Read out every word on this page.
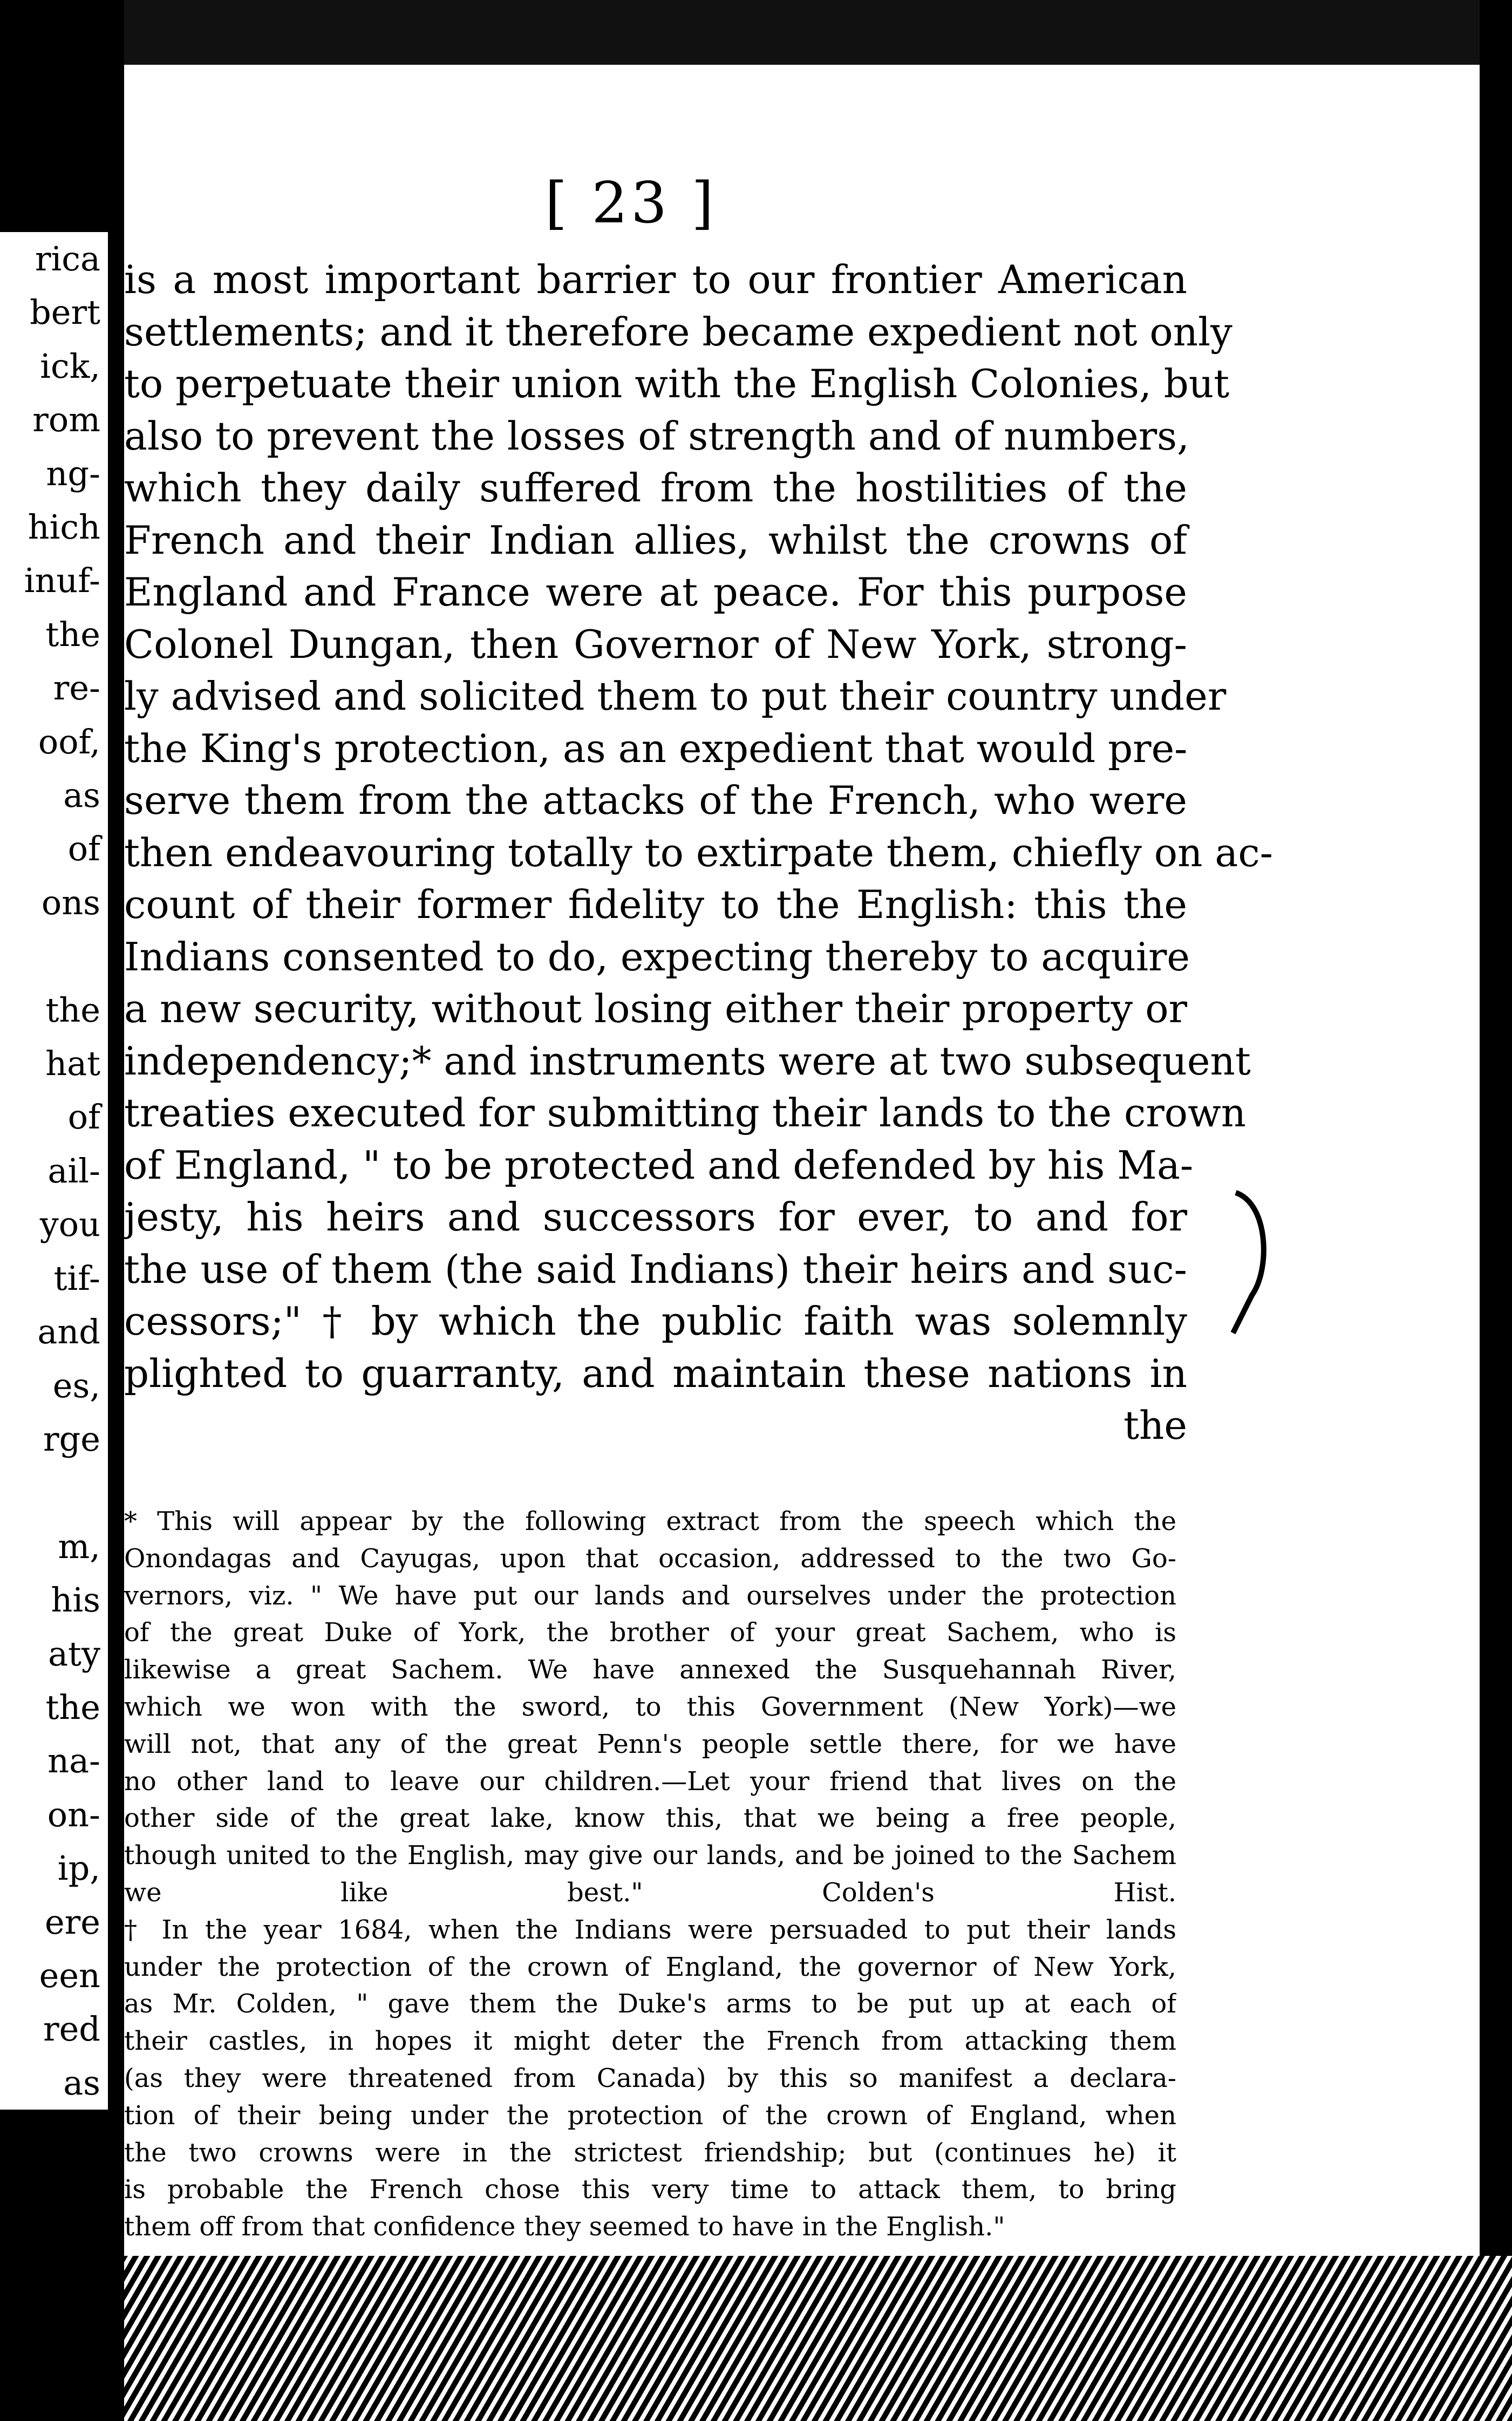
rica
bert
ick,
rom
ng-
hich
inuf-
the
re-
oof,
as
of
ons
the
hat
of
ail-
you
tif-
and
es,
rge
m,
his
aty
the
na-
on-
ip,
ere
een
red
as
[ 23 ]
is a most important barrier to our frontier American
settlements; and it therefore became expedient not only
to perpetuate their union with the English Colonies, but
also to prevent the losses of strength and of numbers,
which they daily suffered from the hostilities of the
French and their Indian allies, whilst the crowns of
England and France were at peace. For this purpose
Colonel Dungan, then Governor of New York, strong-
ly advised and solicited them to put their country under
the King's protection, as an expedient that would pre-
serve them from the attacks of the French, who were
then endeavouring totally to extirpate them, chiefly on ac-
count of their former fidelity to the English: this the
Indians consented to do, expecting thereby to acquire
a new security, without losing either their property or
independency;* and instruments were at two subsequent
treaties executed for submitting their lands to the crown
of England, " to be protected and defended by his Ma-
jesty, his heirs and successors for ever, to and for
the use of them (the said Indians) their heirs and suc-
cessors;" † by which the public faith was solemnly
plighted to guarranty, and maintain these nations in
the
* This will appear by the following extract from the speech which the
Onondagas and Cayugas, upon that occasion, addressed to the two Go-
vernors, viz. " We have put our lands and ourselves under the protection
of the great Duke of York, the brother of your great Sachem, who is
likewise a great Sachem. We have annexed the Susquehannah River,
which we won with the sword, to this Government (New York)—we
will not, that any of the great Penn's people settle there, for we have
no other land to leave our children.—Let your friend that lives on the
other side of the great lake, know this, that we being a free people,
though united to the English, may give our lands, and be joined to the Sachem
we like best." Colden's Hist.
† In the year 1684, when the Indians were persuaded to put their lands
under the protection of the crown of England, the governor of New York,
as Mr. Colden, " gave them the Duke's arms to be put up at each of
their castles, in hopes it might deter the French from attacking them
(as they were threatened from Canada) by this so manifest a declara-
tion of their being under the protection of the crown of England, when
the two crowns were in the strictest friendship; but (continues he) it
is probable the French chose this very time to attack them, to bring
them off from that confidence they seemed to have in the English."
